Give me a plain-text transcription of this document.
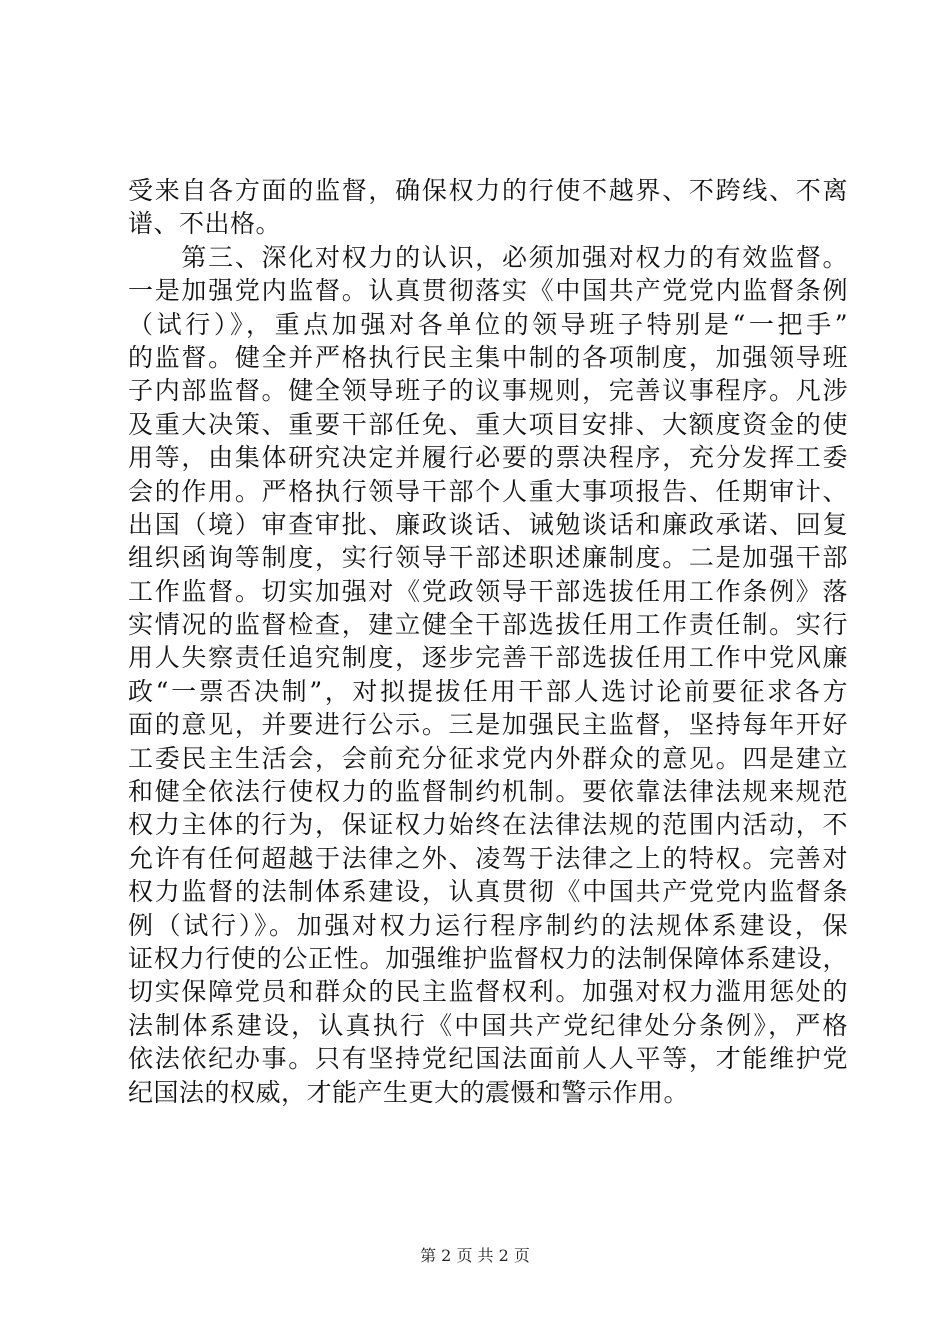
受来自各方面的监督，确保权力的行使不越界、不跨线、不离
谱、不出格。
　　第三、深化对权力的认识，必须加强对权力的有效监督。
一是加强党内监督。认真贯彻落实《中国共产党党内监督条例
（试行）》，重点加强对各单位的领导班子特别是“一把手”
的监督。健全并严格执行民主集中制的各项制度，加强领导班
子内部监督。健全领导班子的议事规则，完善议事程序。凡涉
及重大决策、重要干部任免、重大项目安排、大额度资金的使
用等，由集体研究决定并履行必要的票决程序，充分发挥工委
会的作用。严格执行领导干部个人重大事项报告、任期审计、
出国（境）审查审批、廉政谈话、诫勉谈话和廉政承诺、回复
组织函询等制度，实行领导干部述职述廉制度。二是加强干部
工作监督。切实加强对《党政领导干部选拔任用工作条例》落
实情况的监督检查，建立健全干部选拔任用工作责任制。实行
用人失察责任追究制度，逐步完善干部选拔任用工作中党风廉
政“一票否决制”，对拟提拔任用干部人选讨论前要征求各方
面的意见，并要进行公示。三是加强民主监督，坚持每年开好
工委民主生活会，会前充分征求党内外群众的意见。四是建立
和健全依法行使权力的监督制约机制。要依靠法律法规来规范
权力主体的行为，保证权力始终在法律法规的范围内活动，不
允许有任何超越于法律之外、凌驾于法律之上的特权。完善对
权力监督的法制体系建设，认真贯彻《中国共产党党内监督条
例（试行）》。加强对权力运行程序制约的法规体系建设，保
证权力行使的公正性。加强维护监督权力的法制保障体系建设，
切实保障党员和群众的民主监督权利。加强对权力滥用惩处的
法制体系建设，认真执行《中国共产党纪律处分条例》，严格
依法依纪办事。只有坚持党纪国法面前人人平等，才能维护党
纪国法的权威，才能产生更大的震慑和警示作用。
第 2 页 共 2 页
